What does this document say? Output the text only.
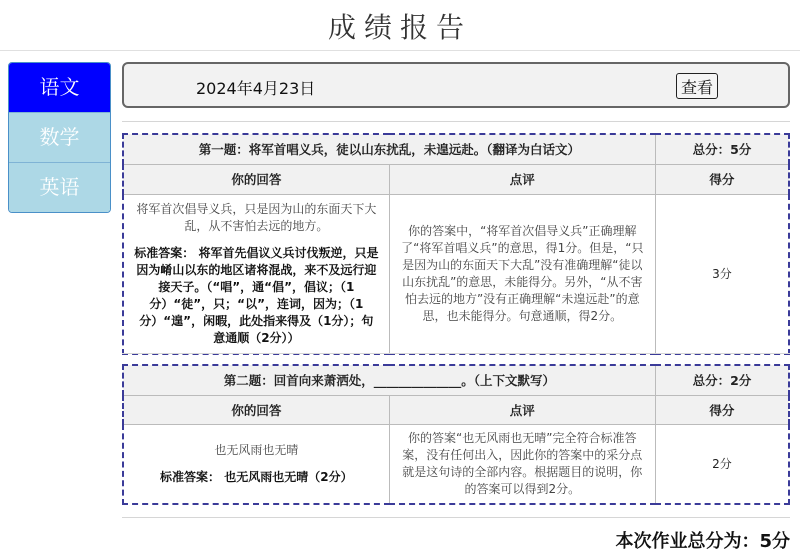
成绩报告
语文
数学
英语
2024年4月23日	查看
第一题：将军首唱义兵，徒以山东扰乱，未遑远赴。（翻译为白话文）		总分：5分
你的回答	点评	得分
将军首次倡导义兵，只是因为山的东面天下大乱，从不害怕去远的地方。
标准答案： 将军首先倡议义兵讨伐叛逆，只是因为崤山以东的地区诸将混战，来不及远行迎接天子。（“唱”，通“倡”，倡议；（1分）“徒”，只；“以”，连词，因为；（1分）“遑”，闲暇，此处指来得及（1分）；句意通顺（2分））	你的答案中，“将军首次倡导义兵”正确理解了“将军首唱义兵”的意思，得1分。但是，“只是因为山的东面天下大乱”没有准确理解“徒以山东扰乱”的意思，未能得分。另外，“从不害怕去远的地方”没有正确理解“未遑远赴”的意思，也未能得分。句意通顺，得2分。	3分
第二题：回首向来萧洒处，______________。（上下文默写）		总分：2分
你的回答	点评	得分
也无风雨也无晴
标准答案： 也无风雨也无晴（2分）	你的答案“也无风雨也无晴”完全符合标准答案，没有任何出入，因此你的答案中的采分点就是这句诗的全部内容。根据题目的说明，你的答案可以得到2分。	2分
本次作业总分为：5分
